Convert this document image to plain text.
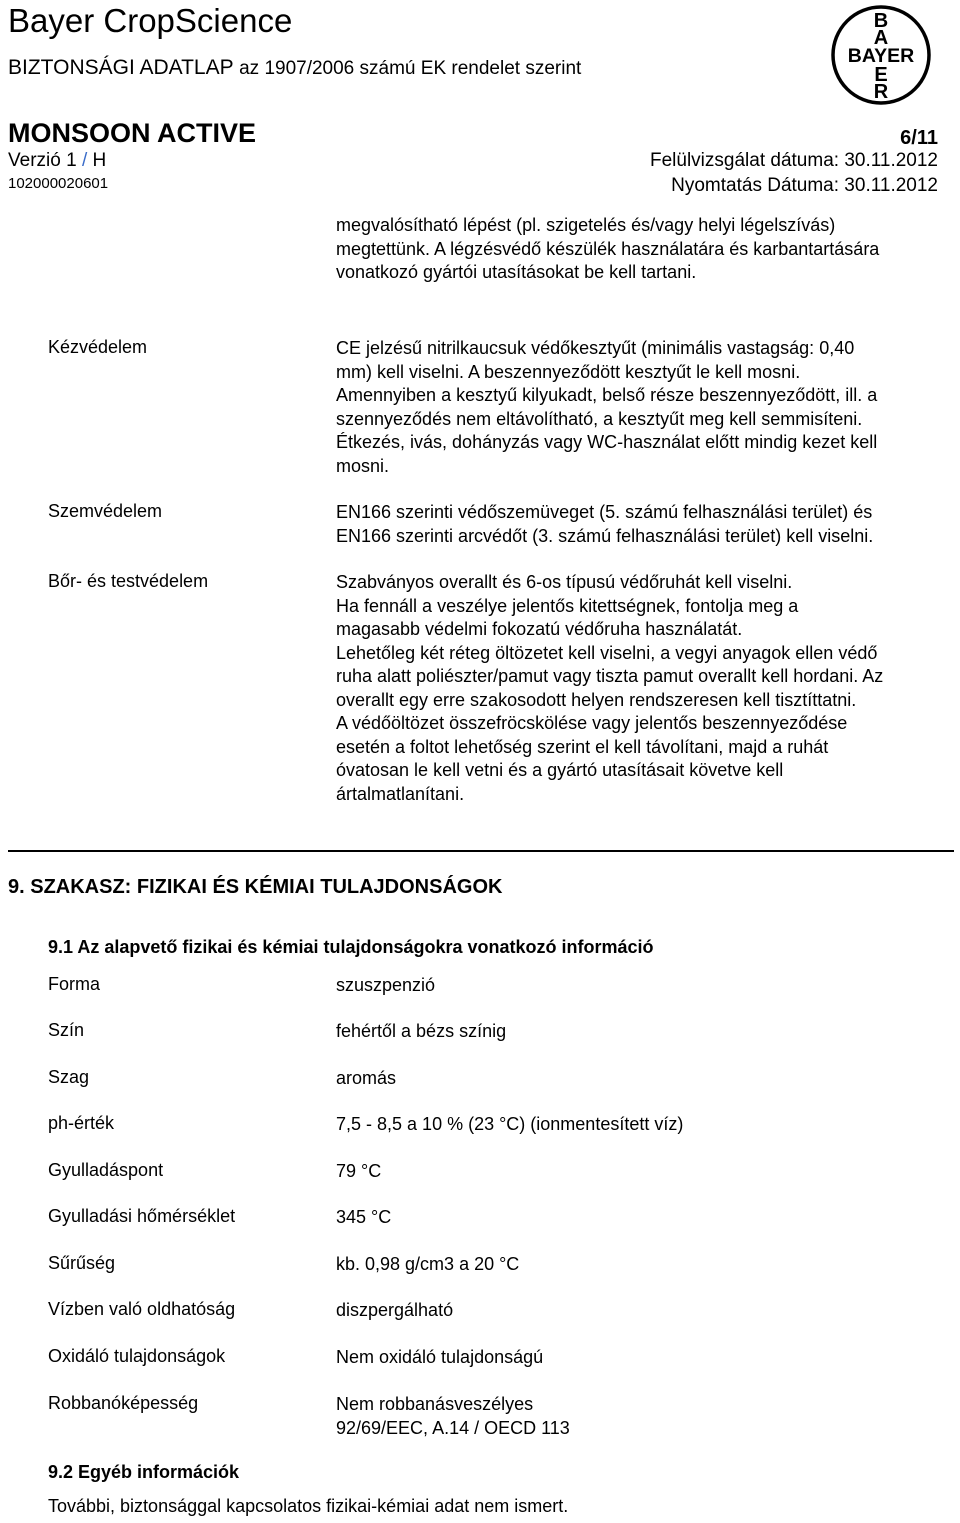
Bayer CropScience
BIZTONSÁGI ADATLAP az 1907/2006 számú EK rendelet szerint
MONSOON ACTIVE	6/11
Verzió 1 / H
102000020601
Felülvizsgálat dátuma: 30.11.2012
Nyomtatás Dátuma: 30.11.2012
B
A
BAYER
E
R
megvalósítható lépést (pl. szigetelés és/vagy helyi légelszívás)
megtettünk. A légzésvédő készülék használatára és karbantartására
vonatkozó gyártói utasításokat be kell tartani.
Kézvédelem	CE jelzésű nitrilkaucsuk védőkesztyűt (minimális vastagság: 0,40
mm) kell viselni. A beszennyeződött kesztyűt le kell mosni.
Amennyiben a kesztyű kilyukadt, belső része beszennyeződött, ill. a
szennyeződés nem eltávolítható, a kesztyűt meg kell semmisíteni.
Étkezés, ivás, dohányzás vagy WC-használat előtt mindig kezet kell
mosni.
Szemvédelem	EN166 szerinti védőszemüveget (5. számú felhasználási terület) és
EN166 szerinti arcvédőt (3. számú felhasználási terület) kell viselni.
Bőr- és testvédelem	Szabványos overallt és 6-os típusú védőruhát kell viselni.
Ha fennáll a veszélye jelentős kitettségnek, fontolja meg a
magasabb védelmi fokozatú védőruha használatát.
Lehetőleg két réteg öltözetet kell viselni, a vegyi anyagok ellen védő
ruha alatt poliészter/pamut vagy tiszta pamut overallt kell hordani. Az
overallt egy erre szakosodott helyen rendszeresen kell tisztíttatni.
A védőöltözet összefröcskölése vagy jelentős beszennyeződése
esetén a foltot lehetőség szerint el kell távolítani, majd a ruhát
óvatosan le kell vetni és a gyártó utasításait követve kell
ártalmatlanítani.
9. SZAKASZ: FIZIKAI ÉS KÉMIAI TULAJDONSÁGOK
9.1 Az alapvető fizikai és kémiai tulajdonságokra vonatkozó információ
Forma	szuszpenzió
Szín	fehértől a bézs színig
Szag	aromás
ph-érték	7,5 - 8,5 a 10 % (23 °C) (ionmentesített víz)
Gyulladáspont	79 °C
Gyulladási hőmérséklet	345 °C
Sűrűség	kb. 0,98 g/cm3 a 20 °C
Vízben való oldhatóság	diszpergálható
Oxidáló tulajdonságok	Nem oxidáló tulajdonságú
Robbanóképesség	Nem robbanásveszélyes
92/69/EEC, A.14 / OECD 113
9.2 Egyéb információk
További, biztonsággal kapcsolatos fizikai-kémiai adat nem ismert.
